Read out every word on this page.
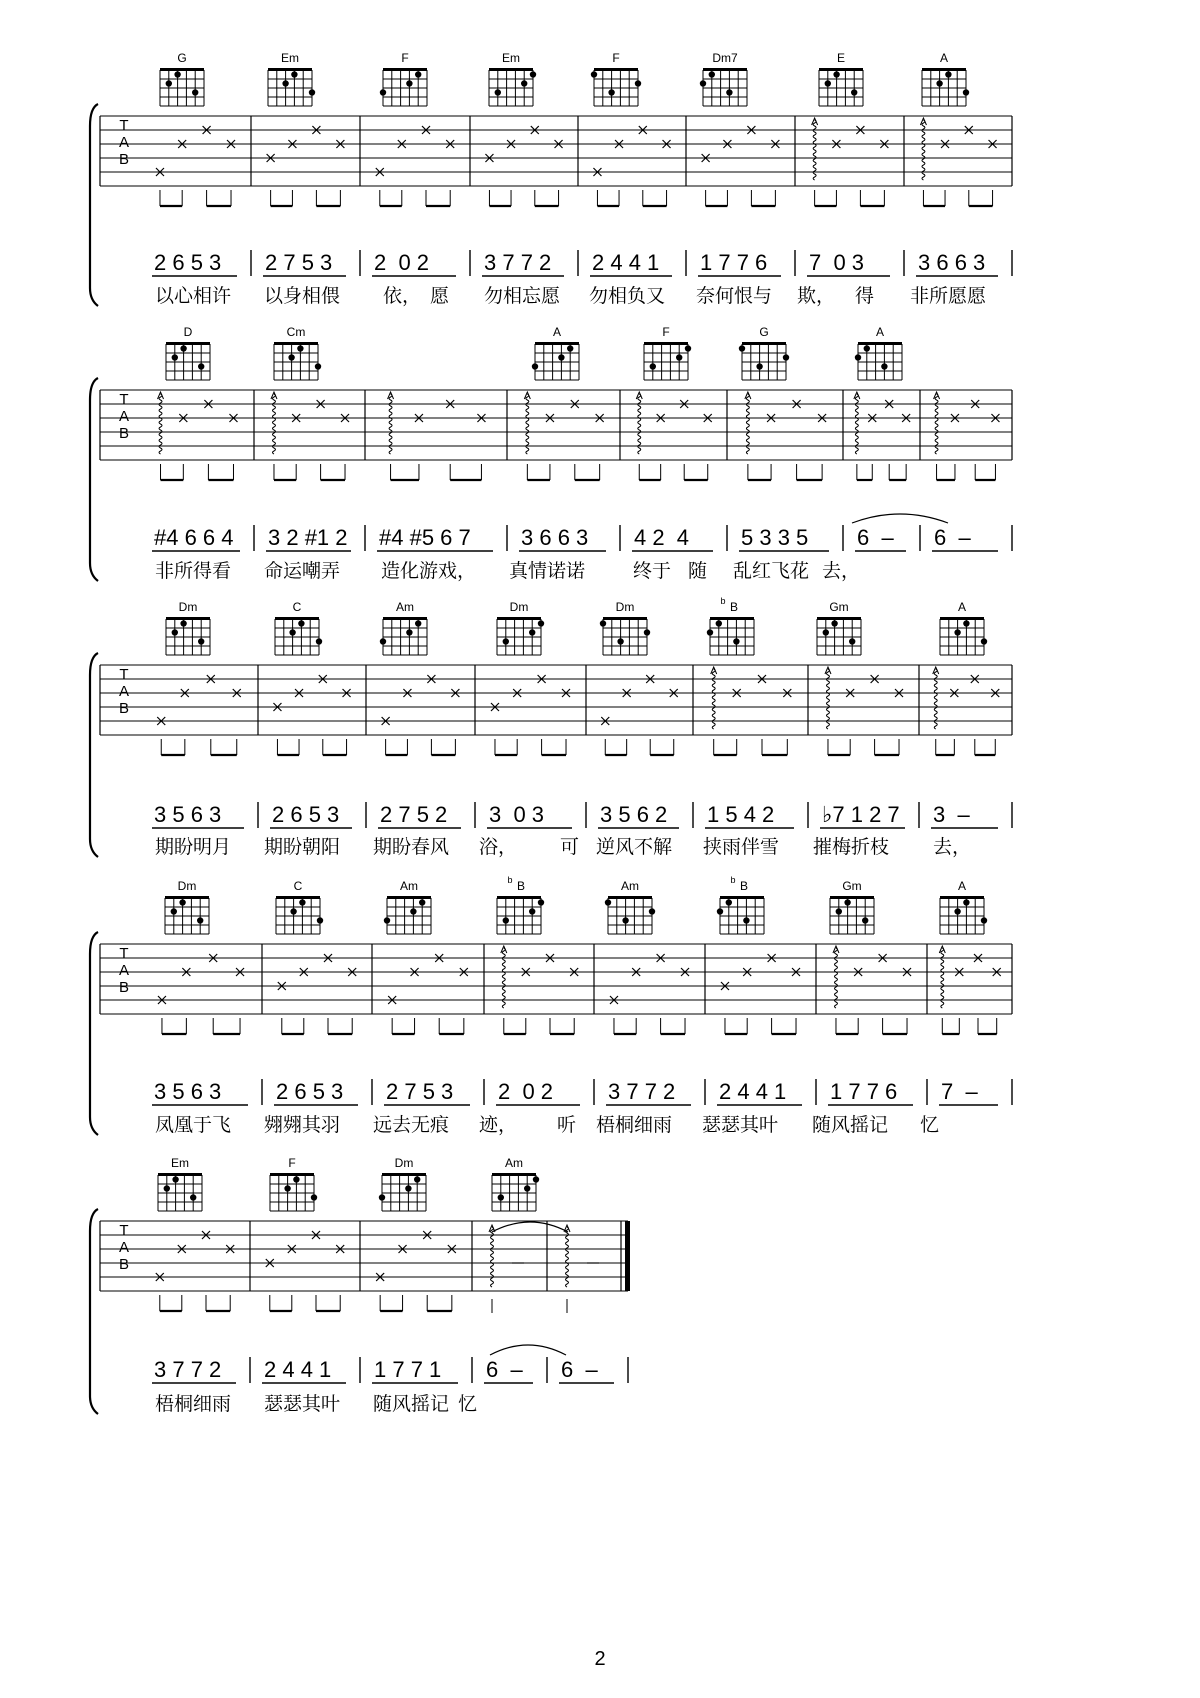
T
A
B
G	Em	F	Em	F	Dm7	E	A
2 6 5 3 2 7 5 3 2  0 2 3 7 7 2 2 4 4 1 1 7 7 6 7  0 3 3 6 6 3
以心相许 以身相偎 依， 愿 勿相忘愿 勿相负又 奈何恨与 欺， 得 非所愿愿
T
A
B
D	Cm	A	F	G	A
#4 6 6 4 3 2 #1 2 #4 #5 6 7 3 6 6 3 4 2  4 5 3 3 5 6  – 6  –
非所得看 命运嘲弄 造化游戏， 真情诺诺	终于 随 乱红飞花 去，
T
A
B
Dm	C	Am	Dm	Dm	b B	Gm	A
3 5 6 3 2 6 5 3 2 7 5 2 3  0 3	3 5 6 2 1 5 4 2 ♭7 1 2 7 3  –
期盼明月 期盼朝阳 期盼春风 浴， 可 逆风不解 挟雨伴雪 摧梅折枝 去，
T
A
B
Dm	C	Am	b B	Am	b B	Gm	A
3 5 6 3 2 6 5 3 2 7 5 3 2  0 2 3 7 7 2 2 4 4 1 1 7 7 6 7  –
凤凰于飞 翙翙其羽 远去无痕 迹， 听 梧桐细雨 瑟瑟其叶 随风摇记 忆
T
A
B
Em	F	Dm	Am
3 7 7 2 2 4 4 1 1 7 7 1 6  – 6  –
梧桐细雨 瑟瑟其叶 随风摇记 忆
2
